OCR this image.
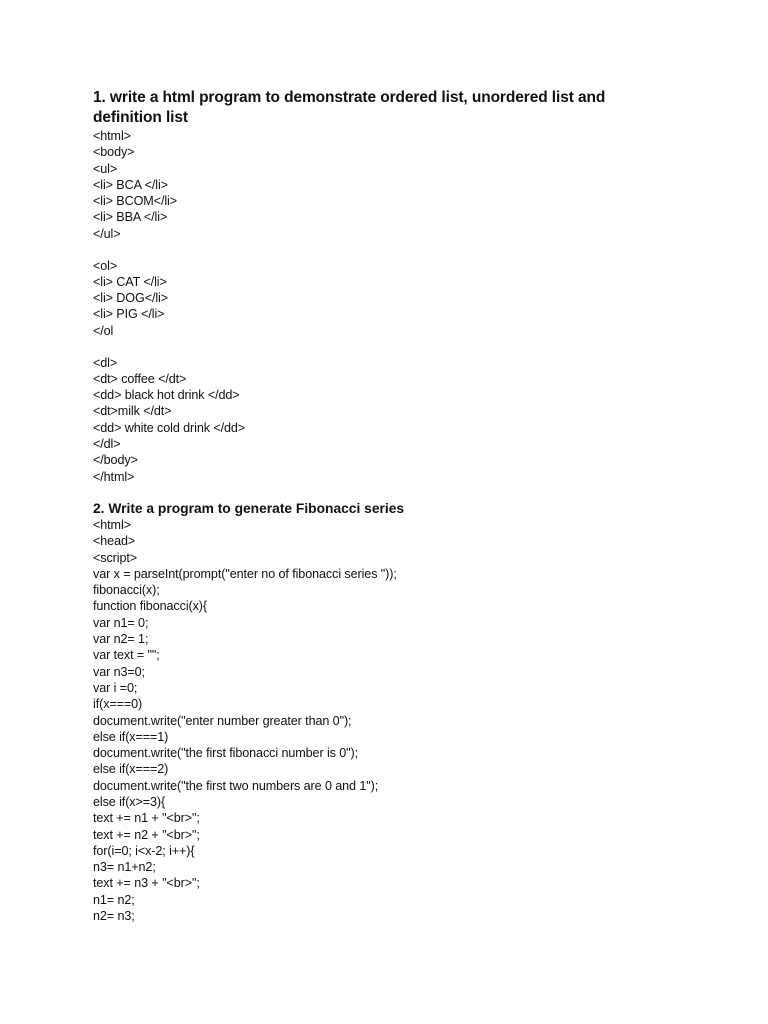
1. write a html program to demonstrate ordered list, unordered list and
definition list

<html>
<body>
<ul>
<li> BCA </li>
<li> BCOM</li>
<li> BBA </li>
</ul>
<ol>
<li> CAT </li>
<li> DOG</li>
<li> PIG </li>
</ol
<dl>
<dt> coffee </dt>
<dd> black hot drink </dd>
<dt>milk </dt>
<dd> white cold drink </dd>
</dl>
</body>
</html>

2. Write a program to generate Fibonacci series

<html>
<head>
<script>
var x = parseInt(prompt("enter no of fibonacci series "));
fibonacci(x);
function fibonacci(x){
var n1= 0;
var n2= 1;
var text = "";
var n3=0;
var i =0;
if(x===0)
document.write("enter number greater than 0");
else if(x===1)
document.write("the first fibonacci number is 0");
else if(x===2)
document.write("the first two numbers are 0 and 1");
else if(x>=3){
text += n1 + "<br>";
text += n2 + "<br>";
for(i=0; i<x-2; i++){
n3= n1+n2;
text += n3 + "<br>";
n1= n2;
n2= n3;
